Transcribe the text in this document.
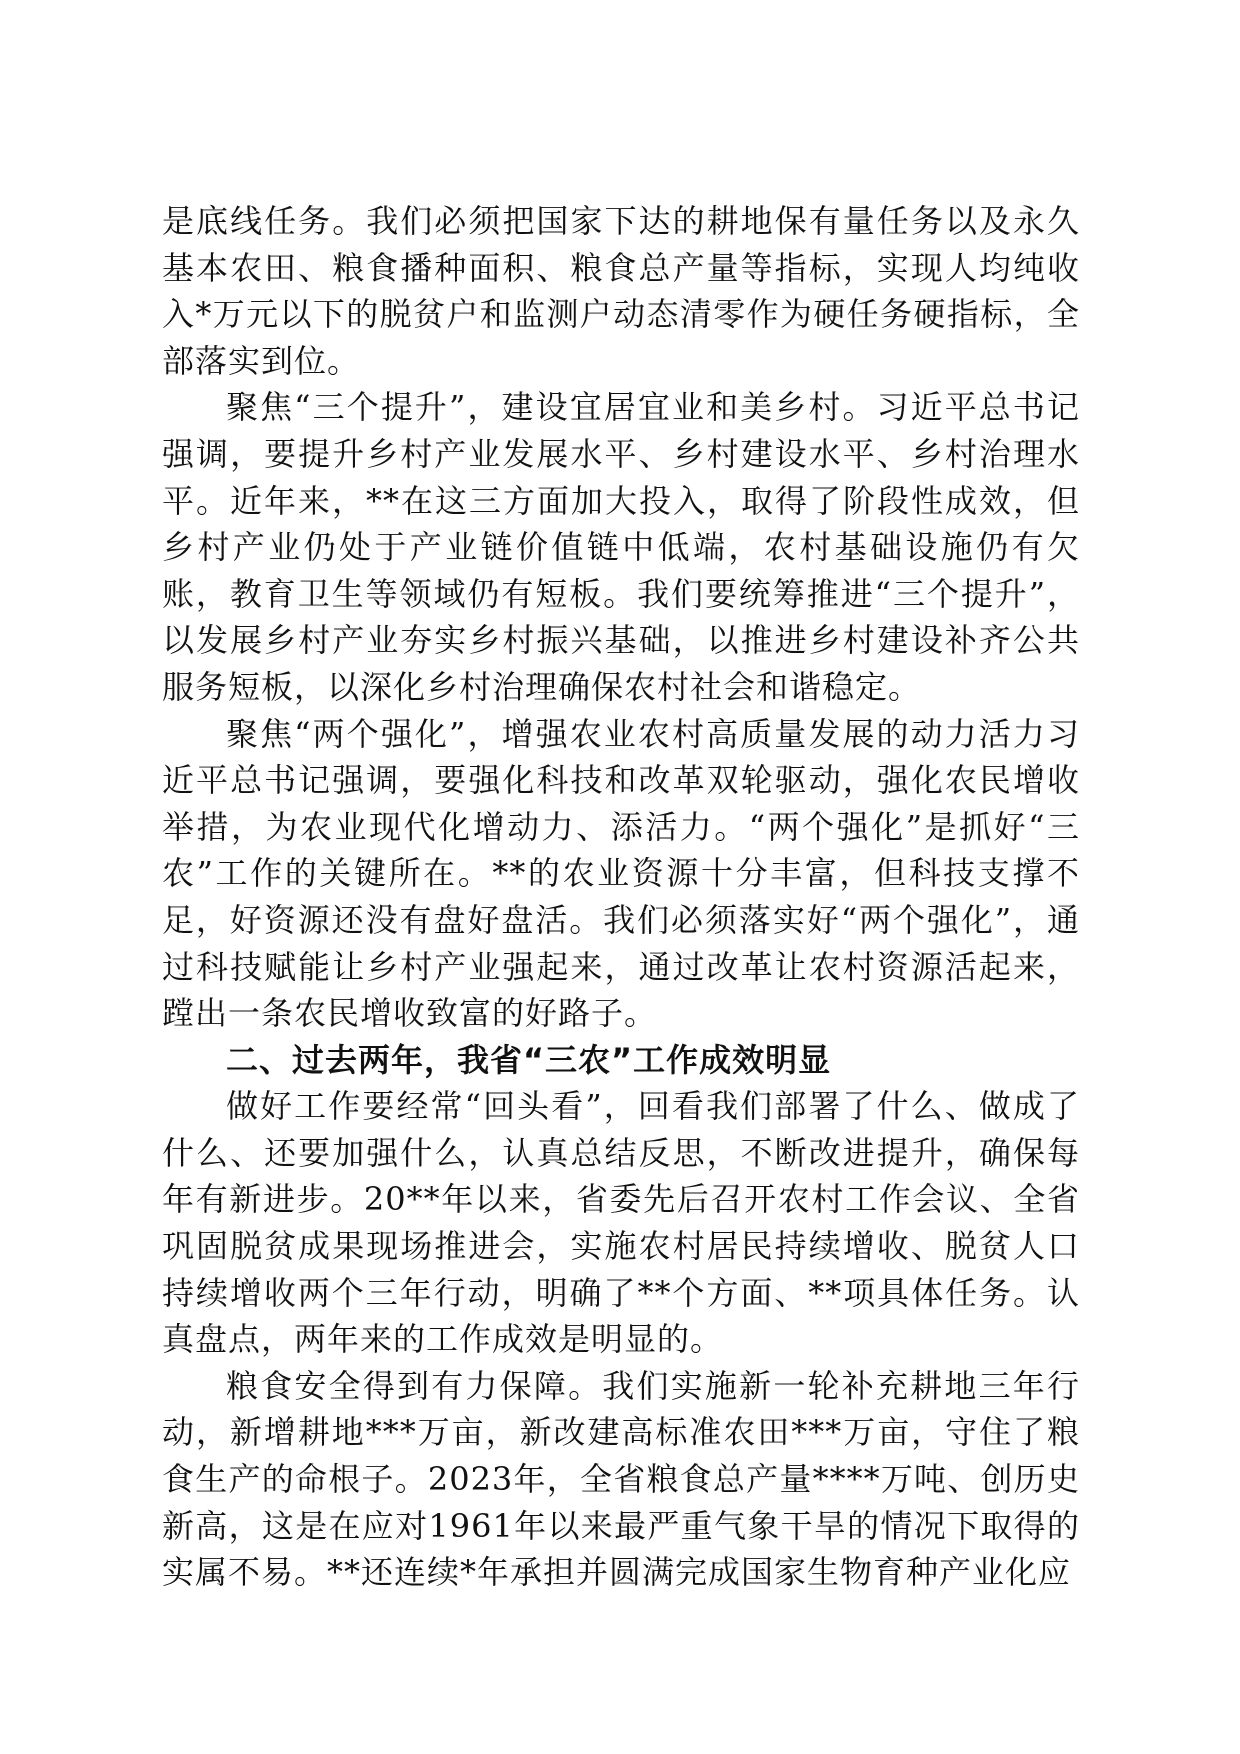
是底线任务。我们必须把国家下达的耕地保有量任务以及永久基本农田、粮食播种面积、粮食总产量等指标，实现人均纯收入*万元以下的脱贫户和监测户动态清零作为硬任务硬指标，全部落实到位。

聚焦“三个提升”，建设宜居宜业和美乡村。习近平总书记强调，要提升乡村产业发展水平、乡村建设水平、乡村治理水平。近年来，**在这三方面加大投入，取得了阶段性成效，但乡村产业仍处于产业链价值链中低端，农村基础设施仍有欠账，教育卫生等领域仍有短板。我们要统筹推进“三个提升”，以发展乡村产业夯实乡村振兴基础，以推进乡村建设补齐公共服务短板，以深化乡村治理确保农村社会和谐稳定。

聚焦“两个强化”，增强农业农村高质量发展的动力活力习近平总书记强调，要强化科技和改革双轮驱动，强化农民增收举措，为农业现代化增动力、添活力。“两个强化”是抓好“三农”工作的关键所在。**的农业资源十分丰富，但科技支撑不足，好资源还没有盘好盘活。我们必须落实好“两个强化”，通过科技赋能让乡村产业强起来，通过改革让农村资源活起来，蹚出一条农民增收致富的好路子。

二、过去两年，我省“三农”工作成效明显

做好工作要经常“回头看”，回看我们部署了什么、做成了什么、还要加强什么，认真总结反思，不断改进提升，确保每年有新进步。20**年以来，省委先后召开农村工作会议、全省巩固脱贫成果现场推进会，实施农村居民持续增收、脱贫人口持续增收两个三年行动，明确了**个方面、**项具体任务。认真盘点，两年来的工作成效是明显的。

粮食安全得到有力保障。我们实施新一轮补充耕地三年行动，新增耕地***万亩，新改建高标准农田***万亩，守住了粮食生产的命根子。2023年，全省粮食总产量****万吨、创历史新高，这是在应对1961年以来最严重气象干旱的情况下取得的实属不易。**还连续*年承担并圆满完成国家生物育种产业化应
